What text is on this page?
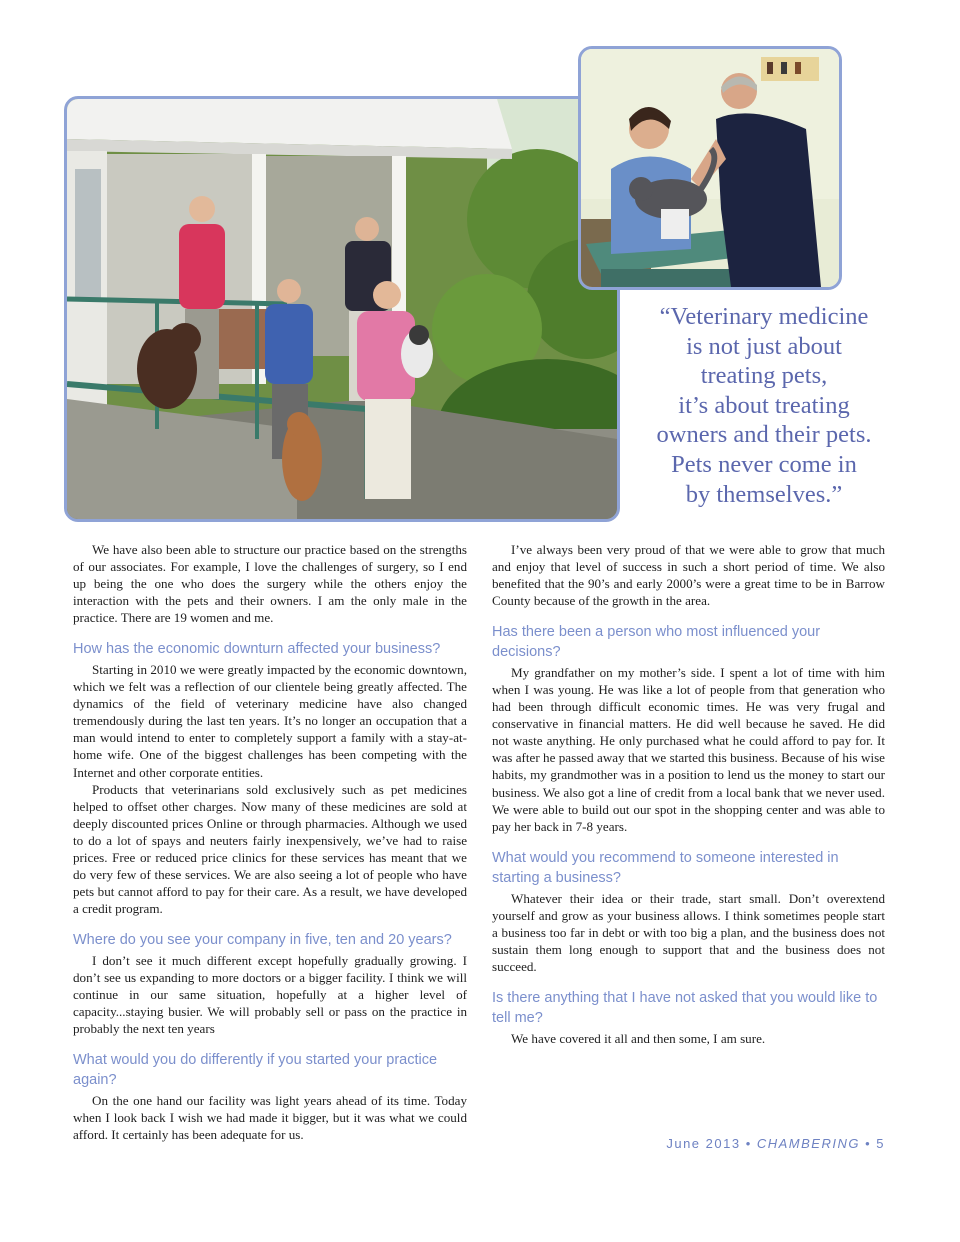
“Veterinary medicine
is not just about
treating pets,
it’s about treating
owners and their pets.
Pets never come in
by themselves.”

We have also been able to structure our practice based on the strengths of our associates. For example, I love the challenges of surgery, so I end up being the one who does the surgery while the others enjoy the interaction with the pets and their owners. I am the only male in the practice. There are 19 women and me.

How has the economic downturn affected your business?

Starting in 2010 we were greatly impacted by the economic downtown, which we felt was a reflection of our clientele being greatly affected. The dynamics of the field of veterinary medicine have also changed tremendously during the last ten years. It’s no longer an occupation that a man would intend to enter to completely support a family with a stay-at-home wife. One of the biggest challenges has been competing with the Internet and other corporate entities.

Products that veterinarians sold exclusively such as pet medicines helped to offset other charges. Now many of these medicines are sold at deeply discounted prices Online or through pharmacies. Although we used to do a lot of spays and neuters fairly inexpensively, we’ve had to raise prices. Free or reduced price clinics for these services has meant that we do very few of these services. We are also seeing a lot of people who have pets but cannot afford to pay for their care. As a result, we have developed a credit program.

Where do you see your company in five, ten and 20 years?

I don’t see it much different except hopefully gradually growing. I don’t see us expanding to more doctors or a bigger facility. I think we will continue in our same situation, hopefully at a higher level of capacity...staying busier. We will probably sell or pass on the practice in probably the next ten years

What would you do differently if you started your practice again?

On the one hand our facility was light years ahead of its time. Today when I look back I wish we had made it bigger, but it was what we could afford. It certainly has been adequate for us.

I’ve always been very proud of that we were able to grow that much and enjoy that level of success in such a short period of time. We also benefited that the 90’s and early 2000’s were a great time to be in Barrow County because of the growth in the area.

Has there been a person who most influenced your decisions?

My grandfather on my mother’s side. I spent a lot of time with him when I was young. He was like a lot of people from that generation who had been through difficult economic times. He was very frugal and conservative in financial matters. He did well because he saved. He did not waste anything. He only purchased what he could afford to pay for. It was after he passed away that we started this business. Because of his wise habits, my grandmother was in a position to lend us the money to start our business. We also got a line of credit from a local bank that we never used. We were able to build out our spot in the shopping center and was able to pay her back in 7-8 years.

What would you recommend to someone interested in starting a business?

Whatever their idea or their trade, start small. Don’t overextend yourself and grow as your business allows. I think sometimes people start a business too far in debt or with too big a plan, and the business does not sustain them long enough to support that and the business does not succeed.

Is there anything that I have not asked that you would like to tell me?

We have covered it all and then some, I am sure.

June 2013 • CHAMBERING • 5
